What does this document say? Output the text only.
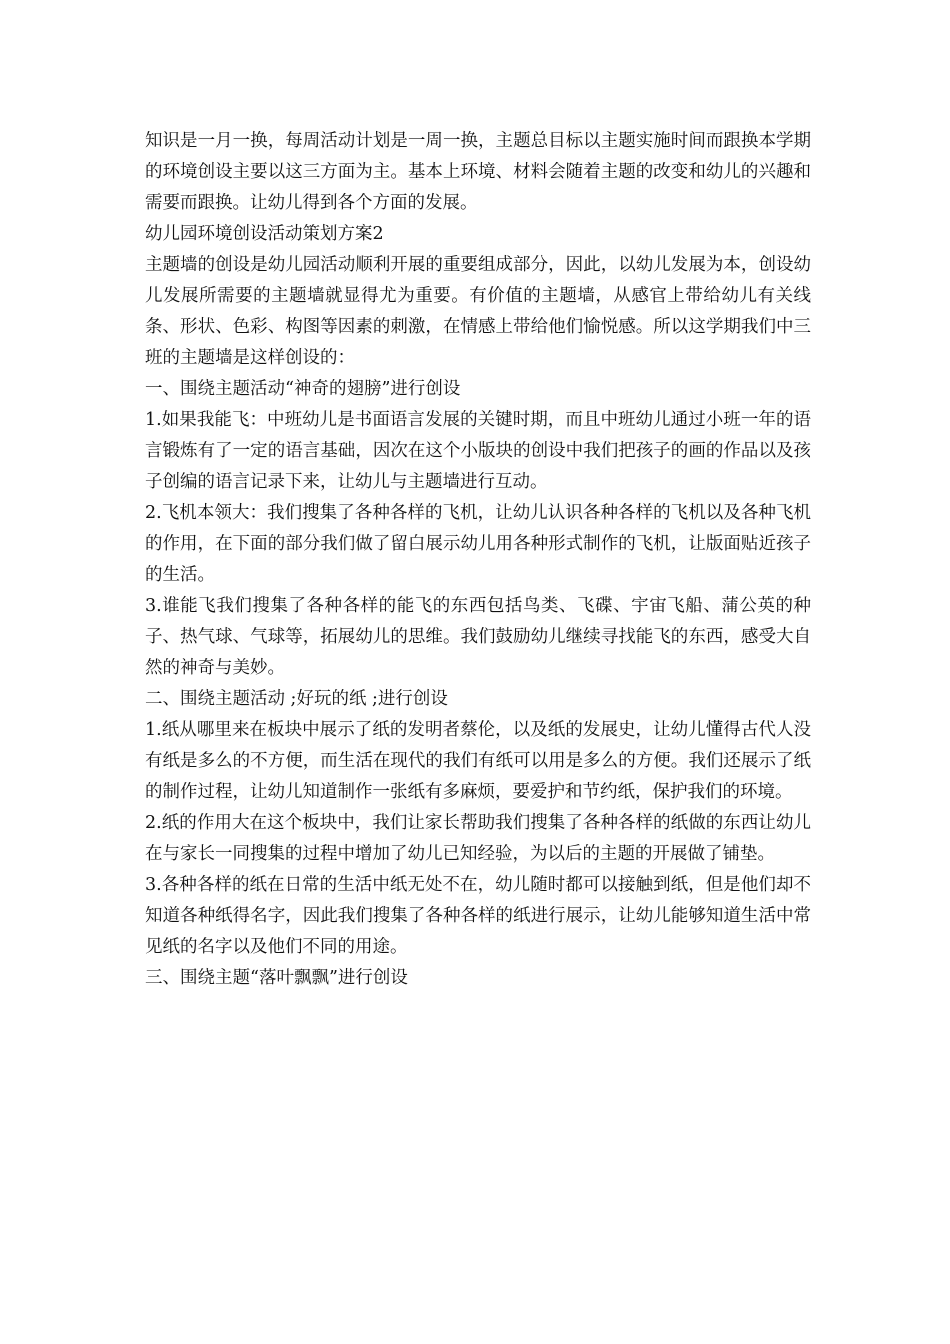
知识是一月一换，每周活动计划是一周一换，主题总目标以主题实施时间而跟换本学期的环境创设主要以这三方面为主。基本上环境、材料会随着主题的改变和幼儿的兴趣和需要而跟换。让幼儿得到各个方面的发展。

幼儿园环境创设活动策划方案2

主题墙的创设是幼儿园活动顺利开展的重要组成部分，因此，以幼儿发展为本，创设幼儿发展所需要的主题墙就显得尤为重要。有价值的主题墙，从感官上带给幼儿有关线条、形状、色彩、构图等因素的刺激，在情感上带给他们愉悦感。所以这学期我们中三班的主题墙是这样创设的：

一、围绕主题活动“神奇的翅膀”进行创设

1.如果我能飞：中班幼儿是书面语言发展的关键时期，而且中班幼儿通过小班一年的语言锻炼有了一定的语言基础，因次在这个小版块的创设中我们把孩子的画的作品以及孩子创编的语言记录下来，让幼儿与主题墙进行互动。

2.飞机本领大：我们搜集了各种各样的飞机，让幼儿认识各种各样的飞机以及各种飞机的作用，在下面的部分我们做了留白展示幼儿用各种形式制作的飞机，让版面贴近孩子的生活。

3.谁能飞我们搜集了各种各样的能飞的东西包括鸟类、飞碟、宇宙飞船、蒲公英的种子、热气球、气球等，拓展幼儿的思维。我们鼓励幼儿继续寻找能飞的东西，感受大自然的神奇与美妙。

二、围绕主题活动 ;好玩的纸 ;进行创设

1.纸从哪里来在板块中展示了纸的发明者蔡伦，以及纸的发展史，让幼儿懂得古代人没有纸是多么的不方便，而生活在现代的我们有纸可以用是多么的方便。我们还展示了纸的制作过程，让幼儿知道制作一张纸有多麻烦，要爱护和节约纸，保护我们的环境。

2.纸的作用大在这个板块中，我们让家长帮助我们搜集了各种各样的纸做的东西让幼儿在与家长一同搜集的过程中增加了幼儿已知经验，为以后的主题的开展做了铺垫。

3.各种各样的纸在日常的生活中纸无处不在，幼儿随时都可以接触到纸，但是他们却不知道各种纸得名字，因此我们搜集了各种各样的纸进行展示，让幼儿能够知道生活中常见纸的名字以及他们不同的用途。

三、围绕主题“落叶飘飘”进行创设
